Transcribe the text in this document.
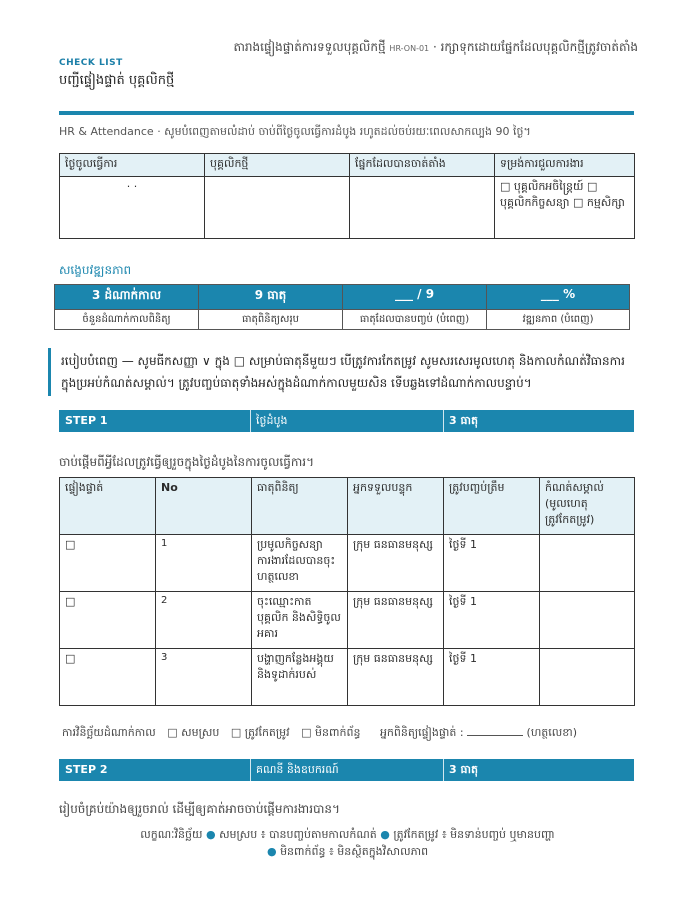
តារាងផ្ទៀងផ្ទាត់ការទទួលបុគ្គលិកថ្មី HR-ON-01 · រក្សាទុកដោយផ្នែកដែលបុគ្គលិកថ្មីត្រូវចាត់តាំង
CHECK LIST
បញ្ជីផ្ទៀងផ្ទាត់ បុគ្គលិកថ្មី
HR & Attendance · សូមបំពេញតាមលំដាប់ ចាប់ពីថ្ងៃចូលធ្វើការដំបូង រហូតដល់ចប់រយៈពេលសាកល្បង 90 ថ្ងៃ។
ថ្ងៃចូលធ្វើការ	បុគ្គលិកថ្មី	ផ្នែកដែលបានចាត់តាំង	ទម្រង់ការជួលការងារ
· ·			□ បុគ្គលិកអចិន្ត្រៃយ៍ □ បុគ្គលិកកិច្ចសន្យា □ កម្មសិក្សា
សង្ខេបវឌ្ឍនភាព
3 ដំណាក់កាល	9 ធាតុ	___ / 9	___ %
ចំនួនដំណាក់កាលពិនិត្យ	ធាតុពិនិត្យសរុប	ធាតុដែលបានបញ្ចប់ (បំពេញ)	វឌ្ឍនភាព (បំពេញ)
របៀបបំពេញ — សូមធីកសញ្ញា ∨ ក្នុង □ សម្រាប់ធាតុនីមួយៗ បើត្រូវការកែតម្រូវ សូមសរសេរមូលហេតុ និងកាលកំណត់វិធានការក្នុងប្រអប់កំណត់សម្គាល់។ ត្រូវបញ្ចប់ធាតុទាំងអស់ក្នុងដំណាក់កាលមួយសិន ទើបឆ្លងទៅដំណាក់កាលបន្ទាប់។
STEP 1	ថ្ងៃដំបូង	3 ធាតុ
ចាប់ផ្ដើមពីអ្វីដែលត្រូវធ្វើឲ្យរួចក្នុងថ្ងៃដំបូងនៃការចូលធ្វើការ។
ផ្ទៀងផ្ទាត់	No	ធាតុពិនិត្យ	អ្នកទទួលបន្ទុក	ត្រូវបញ្ចប់ត្រឹម	កំណត់សម្គាល់ (មូលហេតុត្រូវកែតម្រូវ)
□	1	ប្រមូលកិច្ចសន្យាការងារដែលបានចុះហត្ថលេខា	ក្រុម ធនធានមនុស្ស	ថ្ងៃទី 1	
□	2	ចុះឈ្មោះកាតបុគ្គលិក និងសិទ្ធិចូលអគារ	ក្រុម ធនធានមនុស្ស	ថ្ងៃទី 1	
□	3	បង្ហាញកន្លែងអង្គុយ និងទូដាក់របស់	ក្រុម ធនធានមនុស្ស	ថ្ងៃទី 1	
ការវិនិច្ឆ័យដំណាក់កាល □ សមស្រប □ ត្រូវកែតម្រូវ □ មិនពាក់ព័ន្ធ អ្នកពិនិត្យផ្ទៀងផ្ទាត់ :	(ហត្ថលេខា)
STEP 2	គណនី និងឧបករណ៍	3 ធាតុ
រៀបចំគ្រប់យ៉ាងឲ្យរួចរាល់ ដើម្បីឲ្យគាត់អាចចាប់ផ្ដើមការងារបាន។
លក្ខណៈវិនិច្ឆ័យ ● សមស្រប ៖ បានបញ្ចប់តាមកាលកំណត់ ● ត្រូវកែតម្រូវ ៖ មិនទាន់បញ្ចប់ ឬមានបញ្ហា
● មិនពាក់ព័ន្ធ ៖ មិនស្ថិតក្នុងវិសាលភាព
